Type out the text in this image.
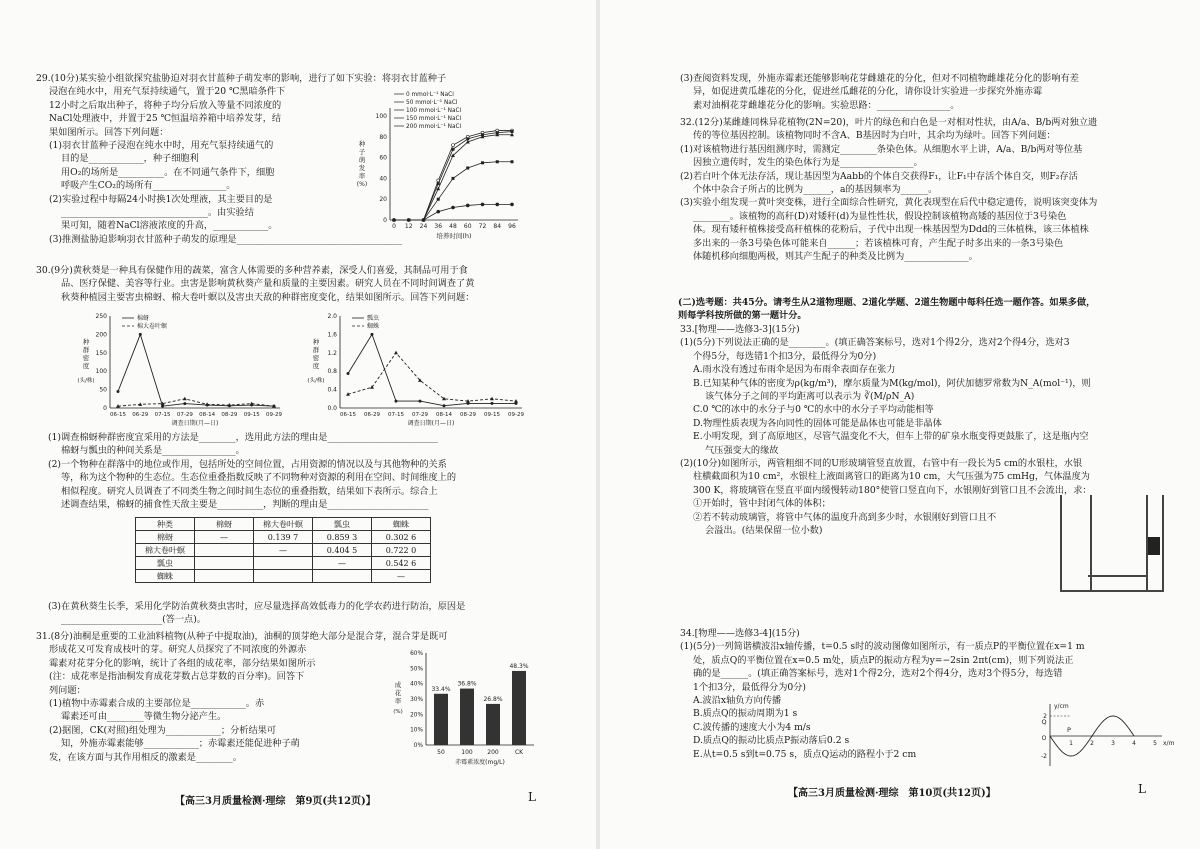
29.(10分)某实验小组欲探究盐胁迫对羽衣甘蓝种子萌发率的影响，进行了如下实验：将羽衣甘蓝种子
浸泡在纯水中，用充气泵持续通气，置于20 ℃黑暗条件下
12小时之后取出种子，将种子均分后放入等量不同浓度的
NaCl处理液中，并置于25 ℃恒温培养箱中培养发芽，结
果如图所示。回答下列问题：
(1)羽衣甘蓝种子浸泡在纯水中时，用充气泵持续通气的
目的是____________，种子细胞利
用O₂的场所是__________。在不同通气条件下，细胞
呼吸产生CO₂的场所有________________。
(2)实验过程中每隔24小时换1次处理液，其主要目的是
________________________________。由实验结
果可知，随着NaCl溶液浓度的升高，____________。
(3)推测盐胁迫影响羽衣甘蓝种子萌发的原理是____________________________________
0
20
40
60
80
100
0 12 24 36 48 60 72 84 96
培养时间(h)
种
子
萌
发
率
(%)
0 mmol·L⁻¹ NaCl
50 mmol·L⁻¹ NaCl
100 mmol·L⁻¹ NaCl
150 mmol·L⁻¹ NaCl
200 mmol·L⁻¹ NaCl
30.(9分)黄秋葵是一种具有保健作用的蔬菜，富含人体需要的多种营养素，深受人们喜爱，其制品可用于食
品、医疗保健、美容等行业。虫害是影响黄秋葵产量和质量的主要因素。研究人员在不同时间调查了黄
秋葵种植园主要害虫棉蚜、棉大卷叶螟以及害虫天敌的种群密度变化，结果如图所示。回答下列问题：
0
50
100
150
200
250
06-15 06-29 07-15 07-29 08-14 08-29 09-15 09-29
调查日期(月—日)
种
群
密
度
(头/株)
棉蚜
棉大卷叶螟
0.0
0.4
0.8
1.2
1.6
2.0
06-15 06-29 07-15 07-29 08-14 08-29 09-15 09-29
调查日期(月—日)
种
群
密
度
(头/株)
瓢虫
蜘蛛
(1)调查棉蚜种群密度宜采用的方法是________，选用此方法的理由是________________________
棉蚜与瓢虫的种间关系是________________。
(2)一个物种在群落中的地位或作用，包括所处的空间位置，占用资源的情况以及与其他物种的关系
等，称为这个物种的生态位。生态位重叠指数反映了不同物种对资源的利用在空间、时间维度上的
相似程度。研究人员调查了不同类生物之间时间生态位的重叠指数，结果如下表所示。综合上
述调查结果，棉蚜的捕食性天敌主要是__________，判断的理由是______________________
种类	棉蚜	棉大卷叶螟	瓢虫	蜘蛛
棉蚜	—	0.139 7	0.859 3	0.302 6
棉大卷叶螟		—	0.404 5	0.722 0
瓢虫			—	0.542 6
蜘蛛				—
(3)在黄秋葵生长季，采用化学防治黄秋葵虫害时，应尽量选择高效低毒力的化学农药进行防治，原因是
______________________(答一点)。
31.(8分)油桐是重要的工业油料植物(从种子中提取油)，油桐的顶芽绝大部分是混合芽，混合芽是既可
形成花又可发育成枝叶的芽。研究人员探究了不同浓度的外源赤
霉素对花芽分化的影响，统计了各组的成花率，部分结果如图所示
(注：成花率是指油桐发育成花芽数占总芽数的百分率)。回答下
列问题：
(1)植物中赤霉素合成的主要部位是____________。赤
霉素还可由________等微生物分泌产生。
(2)据图，CK(对照)组处理为____________；分析结果可
知，外施赤霉素能够____________；赤霉素还能促进种子萌
发，在该方面与其作用相反的激素是________。
0%
10%
20%
30%
40%
50%
60%
成
花
率
(%)
33.4%
50
36.8%
100
26.8%
200
48.3%
CK
赤霉素浓度(mg/L)
【高三3月质量检测·理综　第9页(共12页)】	L
(3)查阅资料发现，外施赤霉素还能够影响花芽雌雄花的分化，但对不同植物雌雄花分化的影响有差
异，如促进黄瓜雄花的分化，促进丝瓜雌花的分化，请你设计实验进一步探究外施赤霉
素对油桐花芽雌雄花分化的影响。实验思路：________________。
32.(12分)某雌雄同株异花植物(2N=20)，叶片的绿色和白色是一对相对性状，由A/a、B/b两对独立遗
传的等位基因控制。该植物同时不含A、B基因时为白叶，其余均为绿叶。回答下列问题：
(1)对该植物进行基因组测序时，需测定________条染色体。从细胞水平上讲，A/a、B/b两对等位基
因独立遗传时，发生的染色体行为是________________。
(2)若白叶个体无法存活，现让基因型为Aabb的个体自交获得F₁，让F₁中存活个体自交，则F₂存活
个体中杂合子所占的比例为______，a的基因频率为______。
(3)实验小组发现一黄叶突变株，进行全面综合性研究，黄化表现型在后代中稳定遗传，说明该突变体为
________。该植物的高秆(D)对矮秆(d)为显性性状，假设控制该植物高矮的基因位于3号染色
体。现有矮秆植株接受高秆植株的花粉后，子代中出现一株基因型为Ddd的三体植株，该三体植株
多出来的一条3号染色体可能来自______；若该植株可育，产生配子时多出来的一条3号染色
体随机移向细胞两极，则其产生配子的种类及比例为______________。
(二)选考题：共45分。请考生从2道物理题、2道化学题、2道生物题中每科任选一题作答。如果多做，
则每学科按所做的第一题计分。
33.[物理——选修3-3](15分)
(1)(5分)下列说法正确的是________。(填正确答案标号，选对1个得2分，选对2个得4分，选对3
个得5分，每选错1个扣3分，最低得分为0分)
A.雨水没有透过布雨伞是因为布雨伞表面存在张力
B.已知某种气体的密度为ρ(kg/m³)，摩尔质量为M(kg/mol)，阿伏加德罗常数为N_A(mol⁻¹)，则
该气体分子之间的平均距离可以表示为 ∛(M/ρN_A)
C.0 ℃的冰中的水分子与0 ℃的水中的水分子平均动能相等
D.物理性质表现为各向同性的固体可能是晶体也可能是非晶体
E.小明发现，到了高原地区，尽管气温变化不大，但车上带的矿泉水瓶变得更鼓胀了，这是瓶内空
气压强变大的缘故
(2)(10分)如图所示，两管粗细不同的U形玻璃管竖直放置，右管中有一段长为5 cm的水银柱，水银
柱横截面积为10 cm²，水银柱上液面离管口的距离为10 cm，大气压强为75 cmHg，气体温度为
300 K，将玻璃管在竖直平面内缓慢转动180°使管口竖直向下，水银刚好到管口且不会流出，求：
①开始时，管中封闭气体的体积；
②若不转动玻璃管，将管中气体的温度升高到多少时，水银刚好到管口且不
会溢出。(结果保留一位小数)
34.[物理——选修3-4](15分)
(1)(5分)一列简谐横波沿x轴传播，t=0.5 s时的波动图像如图所示，有一质点P的平衡位置在x=1 m
处，质点Q的平衡位置在x=0.5 m处，质点P的振动方程为y=−2sin 2πt(cm)，则下列说法正
确的是______。(填正确答案标号，选对1个得2分，选对2个得4分，选对3个得5分，每选错
1个扣3分，最低得分为0分)
A.波沿x轴负方向传播
B.质点Q的振动周期为1 s
C.波传播的速度大小为4 m/s
D.质点Q的振动比质点P振动落后0.2 s
E.从t=0.5 s到t=0.75 s，质点Q运动的路程小于2 cm
1	2	3	4	5 x/m
y/cm
2
-2
Q
P
O
【高三3月质量检测·理综　第10页(共12页)】	L
